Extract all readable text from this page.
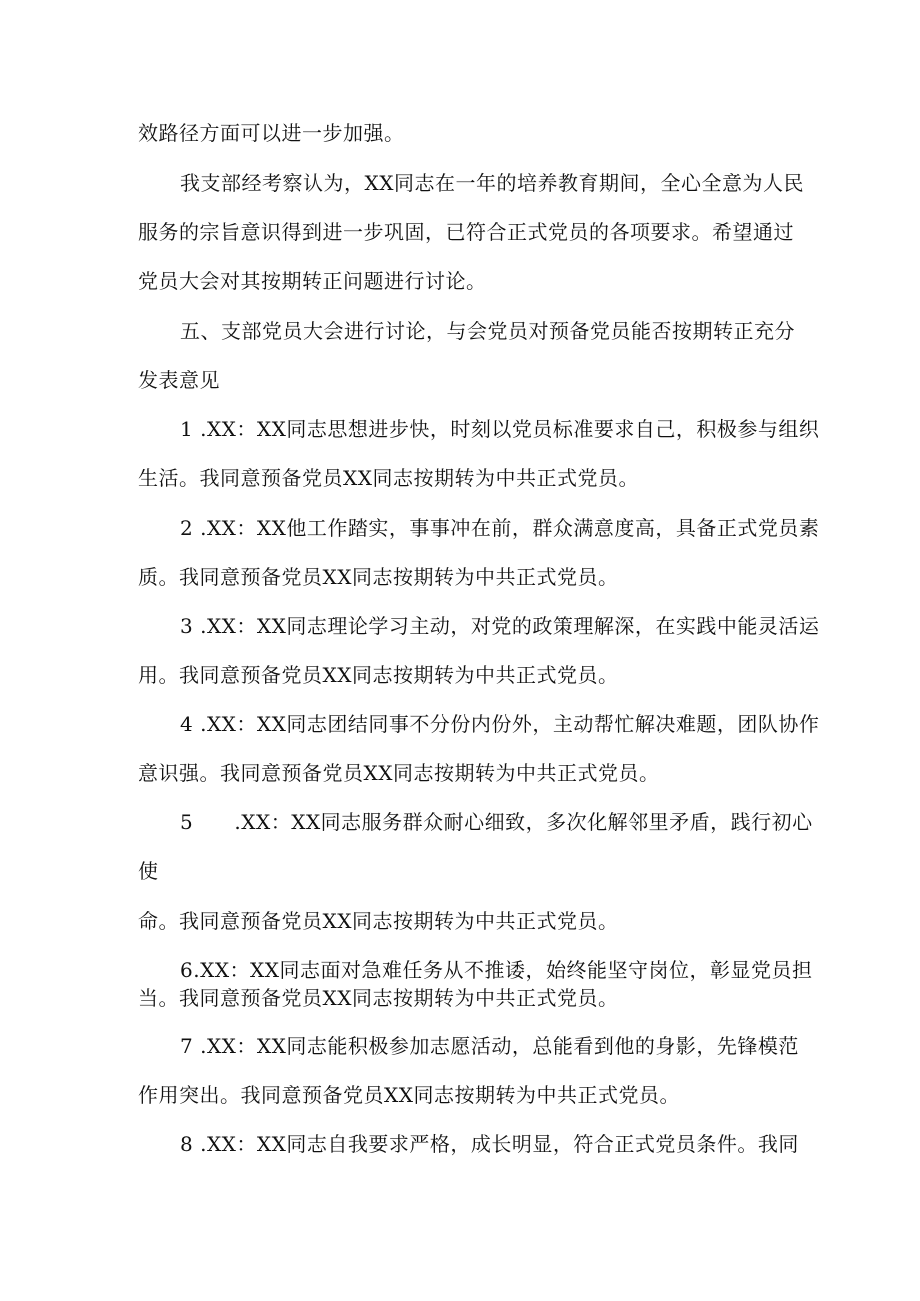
效路径方面可以进一步加强。
我支部经考察认为，XX同志在一年的培养教育期间，全心全意为人民
服务的宗旨意识得到进一步巩固，已符合正式党员的各项要求。希望通过
党员大会对其按期转正问题进行讨论。
五、支部党员大会进行讨论，与会党员对预备党员能否按期转正充分
发表意见
1 .XX：XX同志思想进步快，时刻以党员标准要求自己，积极参与组织
生活。我同意预备党员XX同志按期转为中共正式党员。
2 .XX：XX他工作踏实，事事冲在前，群众满意度高，具备正式党员素
质。我同意预备党员XX同志按期转为中共正式党员。
3 .XX：XX同志理论学习主动，对党的政策理解深，在实践中能灵活运
用。我同意预备党员XX同志按期转为中共正式党员。
4 .XX：XX同志团结同事不分份内份外，主动帮忙解决难题，团队协作
意识强。我同意预备党员XX同志按期转为中共正式党员。
5      .XX：XX同志服务群众耐心细致，多次化解邻里矛盾，践行初心
使
命。我同意预备党员XX同志按期转为中共正式党员。
6.XX：XX同志面对急难任务从不推诿，始终能坚守岗位，彰显党员担
当。我同意预备党员XX同志按期转为中共正式党员。
7 .XX：XX同志能积极参加志愿活动，总能看到他的身影，先锋模范
作用突出。我同意预备党员XX同志按期转为中共正式党员。
8 .XX：XX同志自我要求严格，成长明显，符合正式党员条件。我同
